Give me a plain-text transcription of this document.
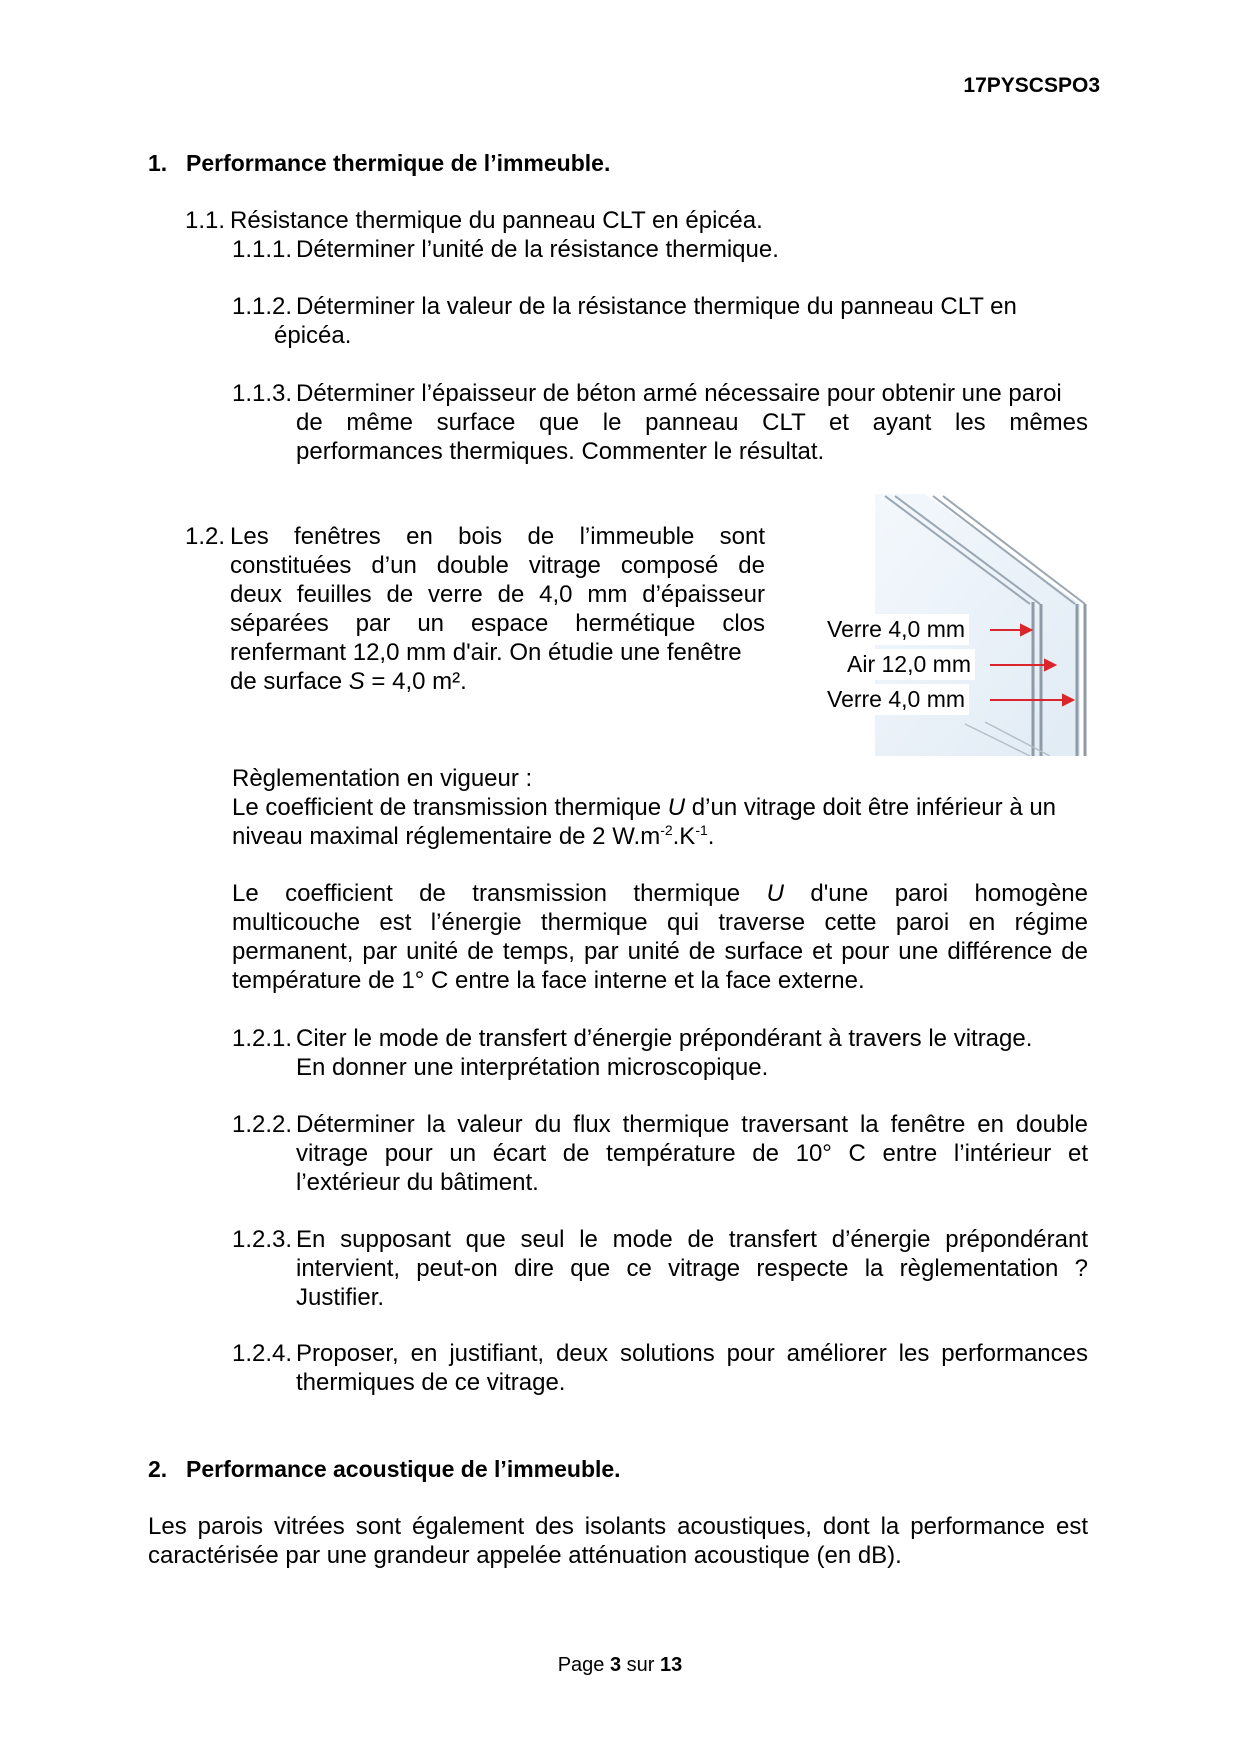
17PYSCSPO3
1. Performance thermique de l’immeuble.
1.1. Résistance thermique du panneau CLT en épicéa.
1.1.1. Déterminer l’unité de la résistance thermique.
1.1.2. Déterminer la valeur de la résistance thermique du panneau CLT en
épicéa.
1.1.3. Déterminer l’épaisseur de béton armé nécessaire pour obtenir une paroi
de même surface que le panneau CLT et ayant les mêmes
performances thermiques. Commenter le résultat.
1.2. Les fenêtres en bois de l’immeuble sont
constituées d’un double vitrage composé de
deux feuilles de verre de 4,0 mm d’épaisseur
séparées par un espace hermétique clos
renfermant 12,0 mm d'air. On étudie une fenêtre
de surface S = 4,0 m².
Verre 4,0 mm
Air 12,0 mm
Verre 4,0 mm
Règlementation en vigueur :
Le coefficient de transmission thermique U d’un vitrage doit être inférieur à un
niveau maximal réglementaire de 2 $W.m^{-2}.K^{-1}$.
Le coefficient de transmission thermique U d'une paroi homogène
multicouche est l’énergie thermique qui traverse cette paroi en régime
permanent, par unité de temps, par unité de surface et pour une différence de
température de 1° C entre la face interne et la face externe.
1.2.1. Citer le mode de transfert d’énergie prépondérant à travers le vitrage.
En donner une interprétation microscopique.
1.2.2. Déterminer la valeur du flux thermique traversant la fenêtre en double
vitrage pour un écart de température de 10° C entre l’intérieur et
l’extérieur du bâtiment.
1.2.3. En supposant que seul le mode de transfert d’énergie prépondérant
intervient, peut-on dire que ce vitrage respecte la règlementation ?
Justifier.
1.2.4. Proposer, en justifiant, deux solutions pour améliorer les performances
thermiques de ce vitrage.
2. Performance acoustique de l’immeuble.
Les parois vitrées sont également des isolants acoustiques, dont la performance est
caractérisée par une grandeur appelée atténuation acoustique (en dB).
Page 3 sur 13
